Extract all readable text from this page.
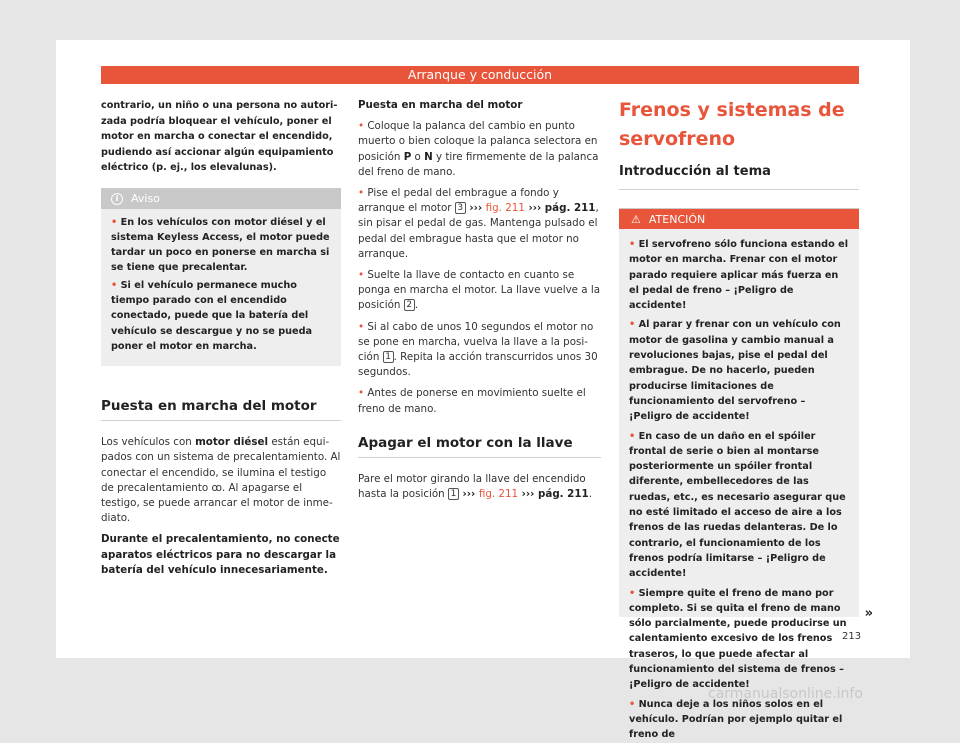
Arranque y conducción
contrario, un niño o una persona no autorizada podría bloquear el vehículo, poner el motor en marcha o conectar el encendido, pudiendo así accionar algún equipamiento eléctrico (p. ej., los elevalunas).
i	Aviso
• En los vehículos con motor diésel y el sistema Keyless Access, el motor puede tardar un poco en ponerse en marcha si se tiene que precalentar.
• Si el vehículo permanece mucho tiempo parado con el encendido conectado, puede que la batería del vehículo se descargue y no se pueda poner el motor en marcha.
Puesta en marcha del motor
Los vehículos con motor diésel están equipados con un sistema de precalentamiento. Al conectar el encendido, se ilumina el testigo de precalentamiento ꝏ. Al apagarse el testigo, se puede arrancar el motor de inmediato.
Durante el precalentamiento, no conecte aparatos eléctricos para no descargar la batería del vehículo innecesariamente.
Puesta en marcha del motor
• Coloque la palanca del cambio en punto muerto o bien coloque la palanca selectora en posición P o N y tire firmemente de la palanca del freno de mano.
• Pise el pedal del embrague a fondo y arranque el motor 3 ››› fig. 211 ››› pág. 211, sin pisar el pedal de gas. Mantenga pulsado el pedal del embrague hasta que el motor no arranque.
• Suelte la llave de contacto en cuanto se ponga en marcha el motor. La llave vuelve a la posición 2 .
• Si al cabo de unos 10 segundos el motor no se pone en marcha, vuelva la llave a la posición 1 . Repita la acción transcurridos unos 30 segundos.
• Antes de ponerse en movimiento suelte el freno de mano.
Apagar el motor con la llave
Pare el motor girando la llave del encendido hasta la posición 1 ››› fig. 211 ››› pág. 211.
Frenos y sistemas de servofreno
Introducción al tema
⚠ ATENCIÓN
• El servofreno sólo funciona estando el motor en marcha. Frenar con el motor parado requiere aplicar más fuerza en el pedal de freno – ¡Peligro de accidente!
• Al parar y frenar con un vehículo con motor de gasolina y cambio manual a revoluciones bajas, pise el pedal del embrague. De no hacerlo, pueden producirse limitaciones de funcionamiento del servofreno – ¡Peligro de accidente!
• En caso de un daño en el spóiler frontal de serie o bien al montarse posteriormente un spóiler frontal diferente, embellecedores de las ruedas, etc., es necesario asegurar que no esté limitado el acceso de aire a los frenos de las ruedas delanteras. De lo contrario, el funcionamiento de los frenos podría limitarse – ¡Peligro de accidente!
• Siempre quite el freno de mano por completo. Si se quita el freno de mano sólo parcialmente, puede producirse un calentamiento excesivo de los frenos traseros, lo que puede afectar al funcionamiento del sistema de frenos – ¡Peligro de accidente!
• Nunca deje a los niños solos en el vehículo. Podrían por ejemplo quitar el freno de
»
213
carmanualsonline.info
